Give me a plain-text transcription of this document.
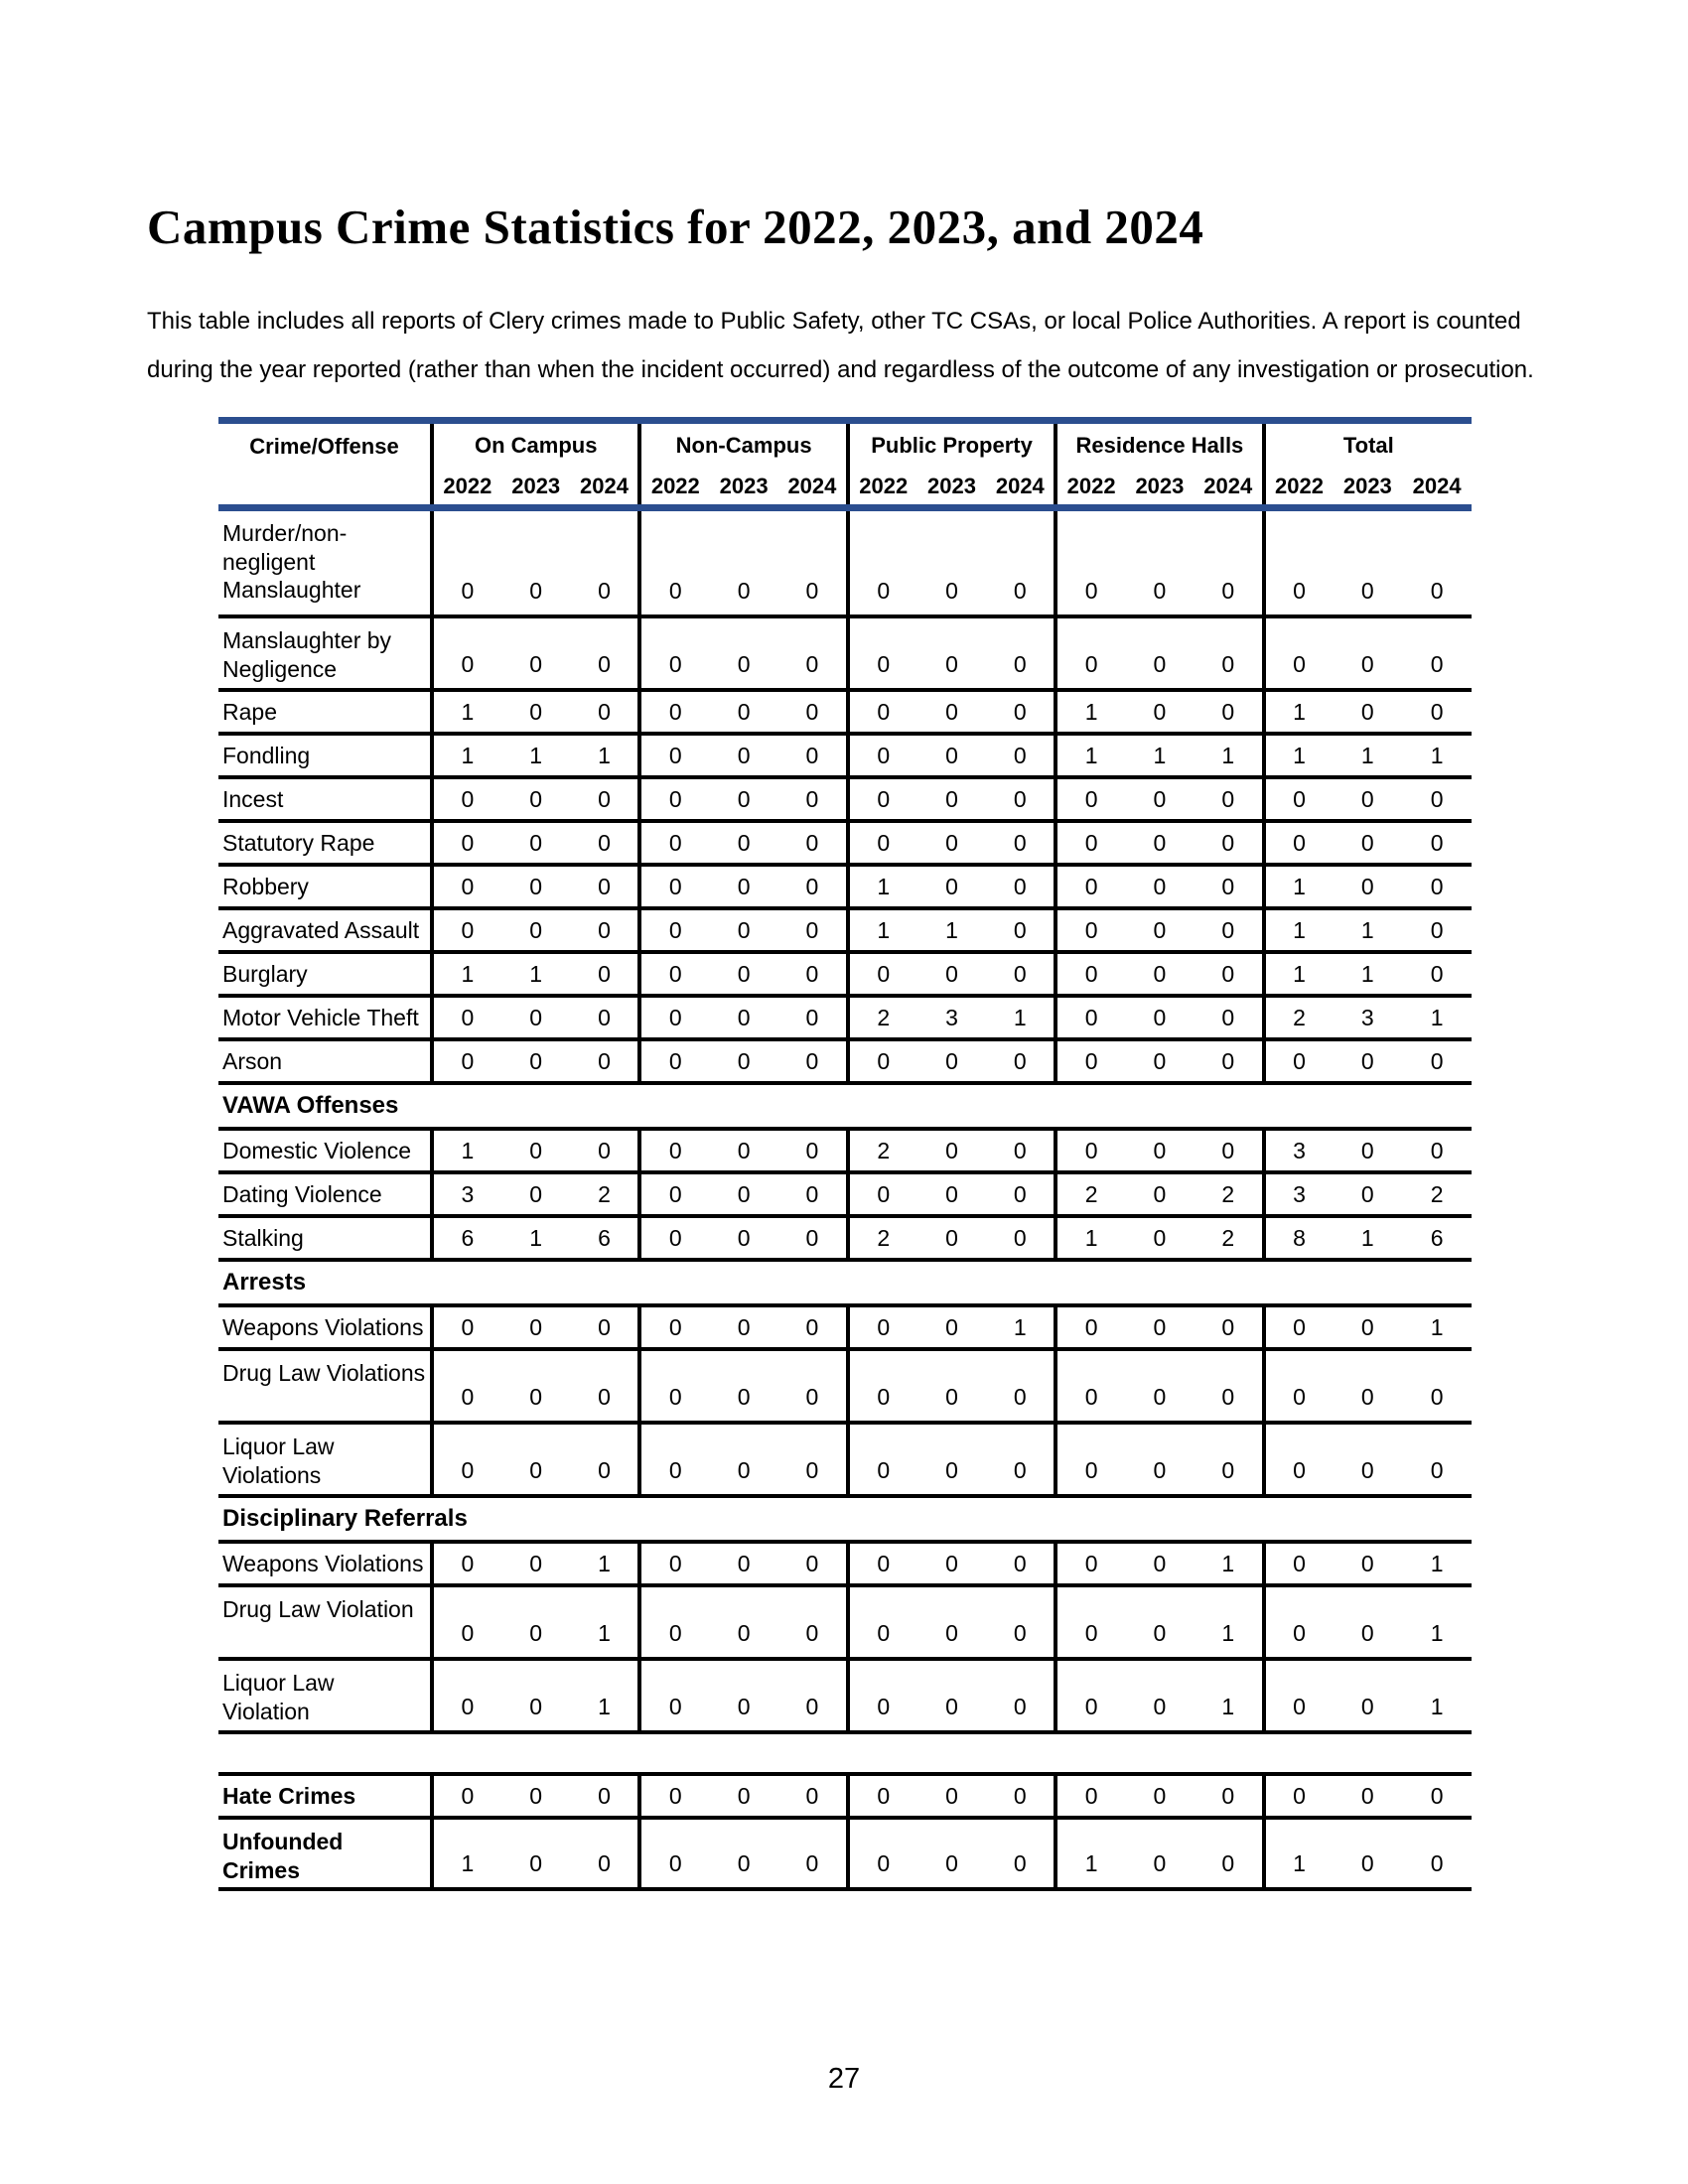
Campus Crime Statistics for 2022, 2023, and 2024

This table includes all reports of Clery crimes made to Public Safety, other TC CSAs, or local Police Authorities. A report is counted during the year reported (rather than when the incident occurred) and regardless of the outcome of any investigation or prosecution.

Crime/Offense	On Campus			Non-Campus			Public Property			Residence Halls			Total		
	2022	2023	2024	2022	2023	2024	2022	2023	2024	2022	2023	2024	2022	2023	2024
Murder/non-negligent Manslaughter	0	0	0	0	0	0	0	0	0	0	0	0	0	0	0
Manslaughter by Negligence	0	0	0	0	0	0	0	0	0	0	0	0	0	0	0
Rape	1	0	0	0	0	0	0	0	0	1	0	0	1	0	0
Fondling	1	1	1	0	0	0	0	0	0	1	1	1	1	1	1
Incest	0	0	0	0	0	0	0	0	0	0	0	0	0	0	0
Statutory Rape	0	0	0	0	0	0	0	0	0	0	0	0	0	0	0
Robbery	0	0	0	0	0	0	1	0	0	0	0	0	1	0	0
Aggravated Assault	0	0	0	0	0	0	1	1	0	0	0	0	1	1	0
Burglary	1	1	0	0	0	0	0	0	0	0	0	0	1	1	0
Motor Vehicle Theft	0	0	0	0	0	0	2	3	1	0	0	0	2	3	1
Arson	0	0	0	0	0	0	0	0	0	0	0	0	0	0	0
VAWA Offenses															
Domestic Violence	1	0	0	0	0	0	2	0	0	0	0	0	3	0	0
Dating Violence	3	0	2	0	0	0	0	0	0	2	0	2	3	0	2
Stalking	6	1	6	0	0	0	2	0	0	1	0	2	8	1	6
Arrests															
Weapons Violations	0	0	0	0	0	0	0	0	1	0	0	0	0	0	1
Drug Law Violations	0	0	0	0	0	0	0	0	0	0	0	0	0	0	0
Liquor Law Violations	0	0	0	0	0	0	0	0	0	0	0	0	0	0	0
Disciplinary Referrals															
Weapons Violations	0	0	1	0	0	0	0	0	0	0	0	1	0	0	1
Drug Law Violation	0	0	1	0	0	0	0	0	0	0	0	1	0	0	1
Liquor Law Violation	0	0	1	0	0	0	0	0	0	0	0	1	0	0	1

Hate Crimes	0	0	0	0	0	0	0	0	0	0	0	0	0	0	0
Unfounded Crimes	1	0	0	0	0	0	0	0	0	1	0	0	1	0	0
27
